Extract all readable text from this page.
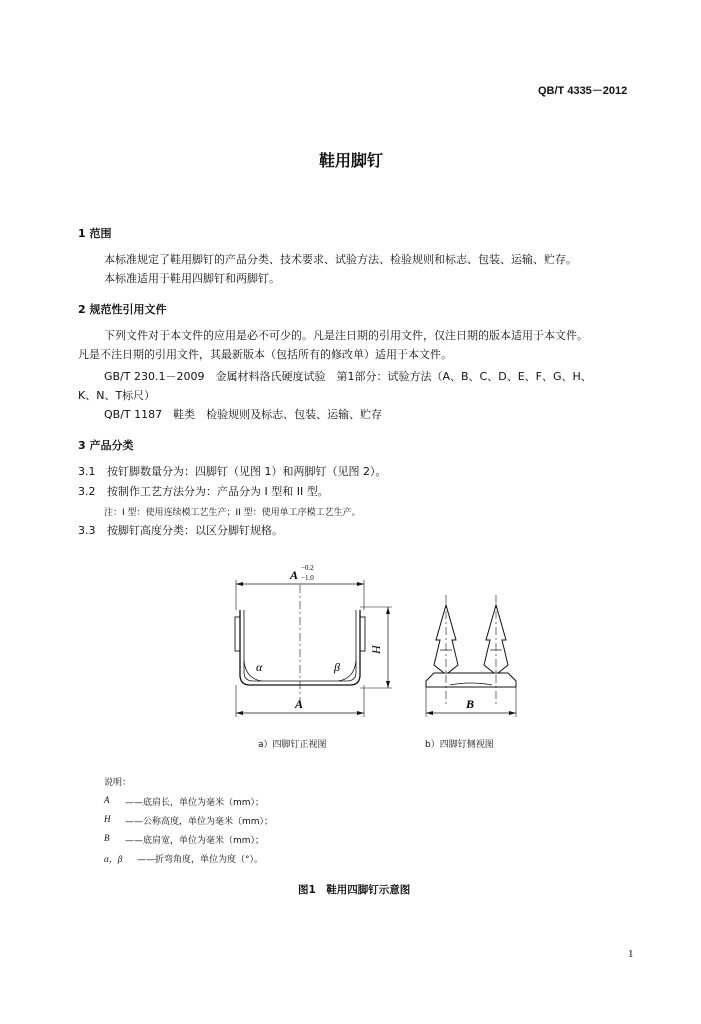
QB/T 4335－2012
鞋用脚钉
1 范围
本标准规定了鞋用脚钉的产品分类、技术要求、试验方法、检验规则和标志、包装、运输、贮存。
本标准适用于鞋用四脚钉和两脚钉。
2 规范性引用文件
下列文件对于本文件的应用是必不可少的。凡是注日期的引用文件，仅注日期的版本适用于本文件。
凡是不注日期的引用文件，其最新版本（包括所有的修改单）适用于本文件。
GB/T 230.1－2009　金属材料洛氏硬度试验　第1部分：试验方法（A、B、C、D、E、F、G、H、
K、N、T标尺）
QB/T 1187　鞋类　检验规则及标志、包装、运输、贮存
3 产品分类
3.1 按钉脚数量分为：四脚钉（见图 1）和两脚钉（见图 2）。
3.2 按制作工艺方法分为：产品分为 I 型和 II 型。
注：I 型：使用连续模工艺生产；II 型：使用单工序模工艺生产。
3.3 按脚钉高度分类：以区分脚钉规格。
A −0.2
−1.0
A
α	β
H
B
a）四脚钉正视图	b）四脚钉侧视图
说明：
A ——底肩长，单位为毫米（mm）；
H ——公称高度，单位为毫米（mm）；
B ——底肩宽，单位为毫米（mm）；
α，β ——折弯角度，单位为度（°）。
图1　鞋用四脚钉示意图
1
